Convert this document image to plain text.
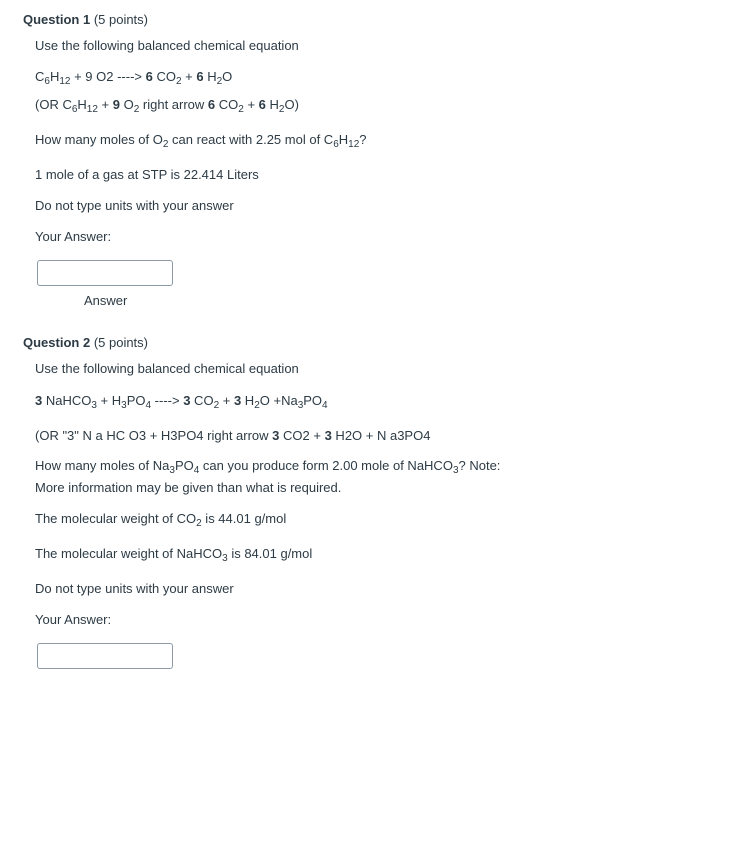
Question 1 (5 points)
Use the following balanced chemical equation
$C_6H_{12} + 9$ O2 ----> 6 $CO_2 + 6$ $H_2O$
(OR $C_6H_{12} + 9$ $O_2$ right arrow 6 $CO_2 + 6$ $H_2O$)
How many moles of $O_2$ can react with 2.25 mol of $C_6H_{12}$?
1 mole of a gas at STP is 22.414 Liters
Do not type units with your answer
Your Answer:
Answer
Question 2 (5 points)
Use the following balanced chemical equation
3 NaHCO$_3$ + $H_3PO_4$ ----> 3 $CO_2 + 3$ $H_2O +Na_3PO_4$
(OR "3" N a HC O3 + H3PO4 right arrow 3 CO2 + 3 H2O + N a3PO4
How many moles of $Na_3PO_4$ can you produce form 2.00 mole of NaHCO$_3$? Note:
More information may be given than what is required.
The molecular weight of $CO_2$ is 44.01 g/mol
The molecular weight of NaHCO$_3$ is 84.01 g/mol
Do not type units with your answer
Your Answer:
